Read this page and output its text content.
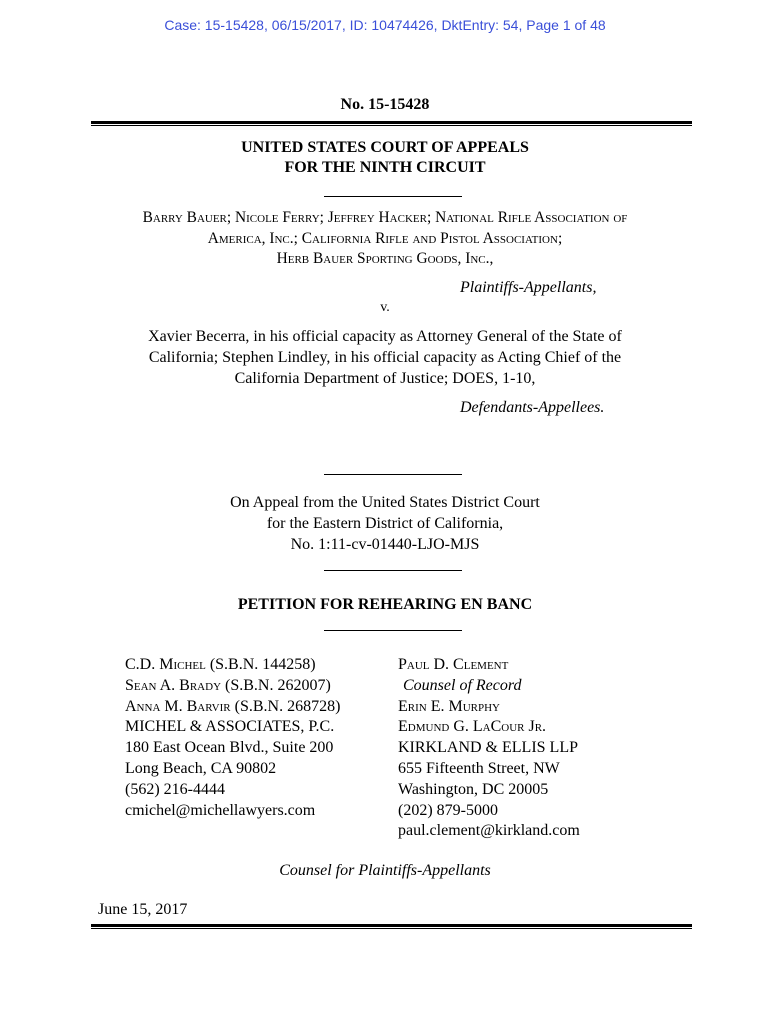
Case: 15-15428, 06/15/2017, ID: 10474426, DktEntry: 54, Page 1 of 48
No. 15-15428
UNITED STATES COURT OF APPEALS
FOR THE NINTH CIRCUIT
Barry Bauer; Nicole Ferry; Jeffrey Hacker; National Rifle Association of
America, Inc.; California Rifle and Pistol Association;
Herb Bauer Sporting Goods, Inc.,
Plaintiffs-Appellants,
v.
Xavier Becerra, in his official capacity as Attorney General of the State of
California; Stephen Lindley, in his official capacity as Acting Chief of the
California Department of Justice; DOES, 1-10,
Defendants-Appellees.
On Appeal from the United States District Court
for the Eastern District of California,
No. 1:11-cv-01440-LJO-MJS
PETITION FOR REHEARING EN BANC
C.D. Michel (S.B.N. 144258)
Sean A. Brady (S.B.N. 262007)
Anna M. Barvir (S.B.N. 268728)
MICHEL & ASSOCIATES, P.C.
180 East Ocean Blvd., Suite 200
Long Beach, CA 90802
(562) 216-4444
cmichel@michellawyers.com
Paul D. Clement
Counsel of Record
Erin E. Murphy
Edmund G. LaCour Jr.
KIRKLAND & ELLIS LLP
655 Fifteenth Street, NW
Washington, DC 20005
(202) 879-5000
paul.clement@kirkland.com
Counsel for Plaintiffs-Appellants
June 15, 2017
